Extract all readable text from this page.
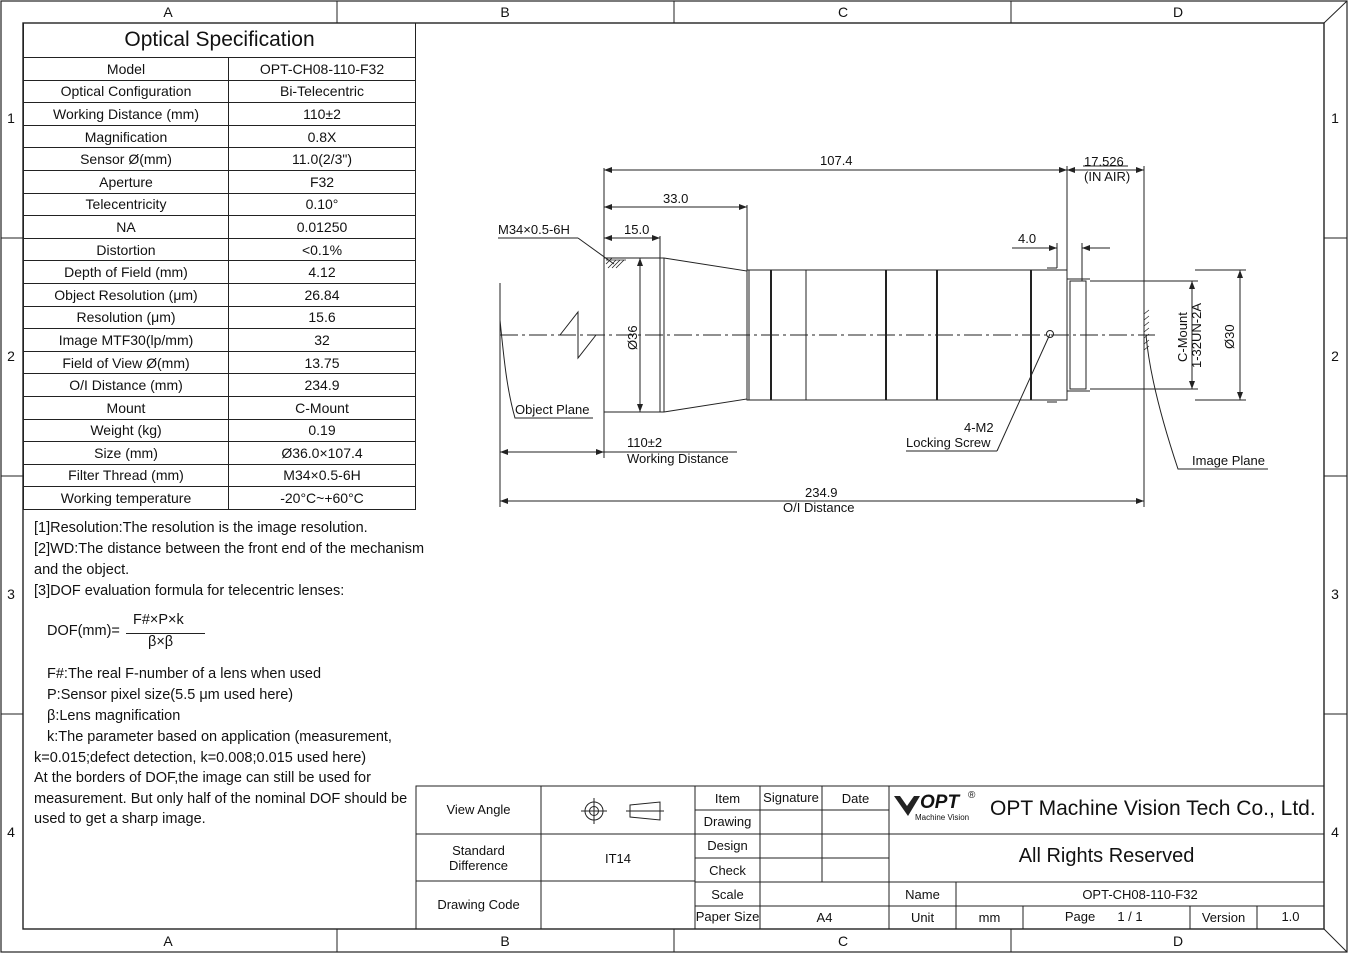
A	B	C	D
A	B	C	D
1
2
3
4
1
2
3
4
Optical Specification	
Model	OPT-CH08-110-F32
Optical Configuration	Bi-Telecentric
Working Distance (mm)	110±2
Magnification	0.8X
Sensor Ø(mm)	11.0(2/3")
Aperture	F32
Telecentricity	0.10°
NA	0.01250
Distortion	<0.1%
Depth of Field (mm)	4.12
Object Resolution (μm)	26.84
Resolution (μm)	15.6
Image MTF30(lp/mm)	32
Field of View Ø(mm)	13.75
O/I Distance (mm)	234.9
Mount	C-Mount
Weight (kg)	0.19
Size (mm)	Ø36.0×107.4
Filter Thread (mm)	M34×0.5-6H
Working temperature	-20°C~+60°C
[1]Resolution:The resolution is the image resolution.
[2]WD:The distance between the front end of the mechanism and the object.
[3]DOF evaluation formula for telecentric lenses:
DOF(mm)=
F#×P×k
β×β
F#:The real F-number of a lens when used
P:Sensor pixel size(5.5 μm used here)
β:Lens magnification
k:The parameter based on application (measurement, k=0.015;defect detection, k=0.008;0.015 used here)
At the borders of DOF,the image can still be used for measurement. But only half of the nominal DOF should be used to get a sharp image.
107.4	17.526
(IN AIR)
33.0
15.0
4.0
M34×0.5-6H
Ø36	Ø30
C-Mount 1-32UN-2A
Object Plane
Image Plane
110±2
Working Distance
4-M2
Locking Screw
234.9
O/I Distance
OPT ®
Machine Vision
View Angle
Standard
Difference	IT14
Drawing Code
Item	Signature	Date
Drawing
Design
Check
Scale
Paper Size	A4
OPT Machine Vision Tech Co., Ltd.
All Rights Reserved
Name	OPT-CH08-110-F32
Unit	mm	Page	1 / 1	Version	1.0
